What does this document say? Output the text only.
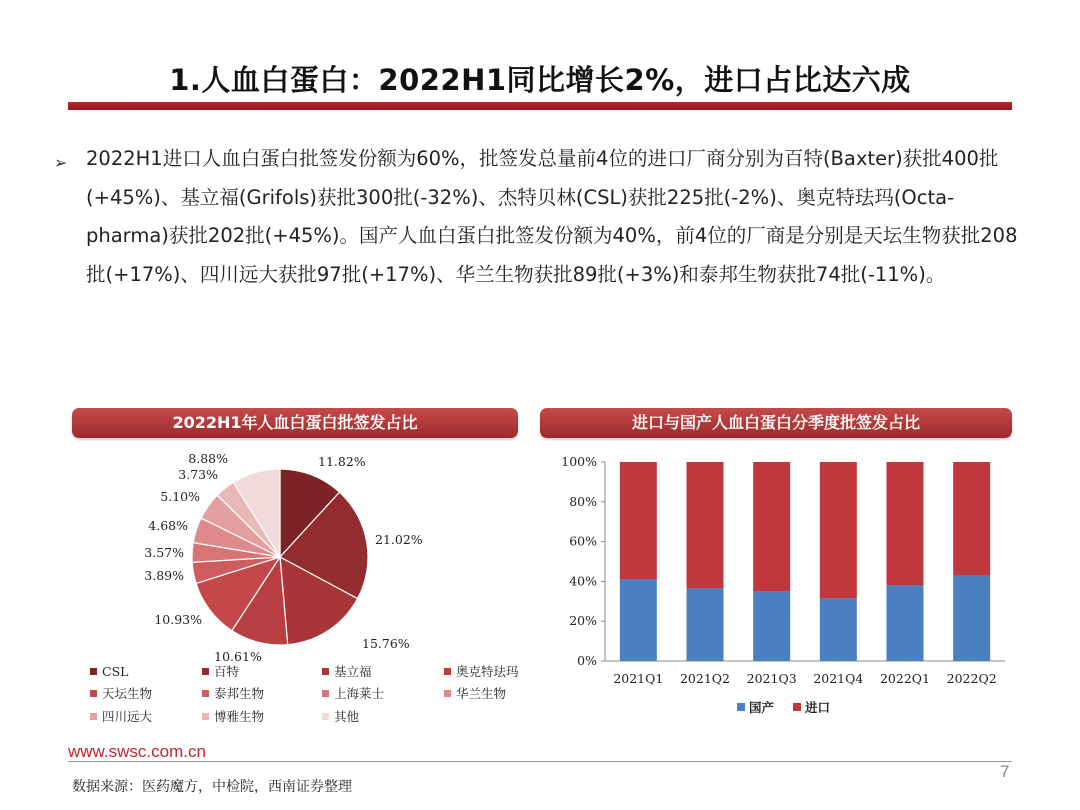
1.人血白蛋白：2022H1同比增长2%，进口占比达六成
➢ 2022H1进口人血白蛋白批签发份额为60%，批签发总量前4位的进口厂商分别为百特(Baxter)获批400批(+45%)、基立福(Grifols)获批300批(-32%)、杰特贝林(CSL)获批225批(-2%)、奥克特珐玛(Octa-pharma)获批202批(+45%)。国产人血白蛋白批签发份额为40%，前4位的厂商是分别是天坛生物获批208批(+17%)、四川远大获批97批(+17%)、华兰生物获批89批(+3%)和泰邦生物获批74批(-11%)。
2022H1年人血白蛋白批签发占比	进口与国产人血白蛋白分季度批签发占比
11.82%
21.02%
15.76%
10.61%
10.93%
3.89%
3.57%
4.68%
5.10%
3.73%
8.88%
CSL	百特	基立福	奥克特珐玛
天坛生物	泰邦生物	上海莱士	华兰生物
四川远大	博雅生物	其他
0%
20%
40%
60%
80%
100%
2021Q1 2021Q2 2021Q3 2021Q4 2022Q1 2022Q2
国产 进口
www.swsc.com.cn
7
数据来源：医药魔方，中检院，西南证券整理
